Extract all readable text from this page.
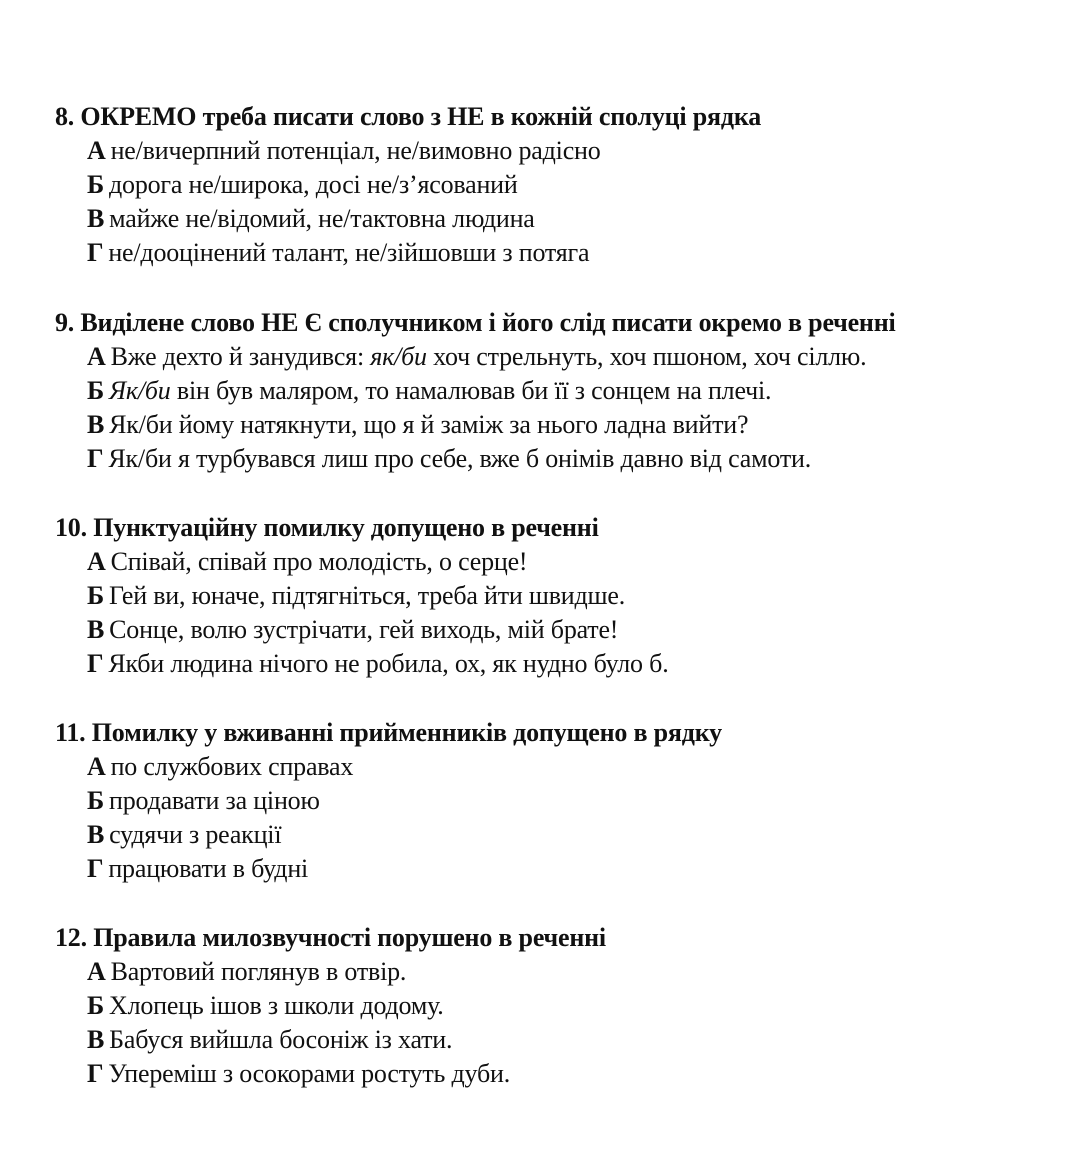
8. ОКРЕМО треба писати слово з НЕ в кожній сполуці рядка
А не/вичерпний потенціал, не/вимовно радісно
Б дорога не/широка, досі не/з’ясований
В майже не/відомий, не/тактовна людина
Г не/дооцінений талант, не/зійшовши з потяга
9. Виділене слово НЕ Є сполучником і його слід писати окремо в реченні
А Вже дехто й занудився: як/би хоч стрельнуть, хоч пшоном, хоч сіллю.
Б Як/би він був маляром, то намалював би її з сонцем на плечі.
В Як/би йому натякнути, що я й заміж за нього ладна вийти?
Г Як/би я турбувався лиш про себе, вже б онімів давно від самоти.
10. Пунктуаційну помилку допущено в реченні
А Співай, співай про молодість, о серце!
Б Гей ви, юначе, підтягніться, треба йти швидше.
В Сонце, волю зустрічати, гей виходь, мій брате!
Г Якби людина нічого не робила, ох, як нудно було б.
11. Помилку у вживанні прийменників допущено в рядку
А по службових справах
Б продавати за ціною
В судячи з реакції
Г працювати в будні
12. Правила милозвучності порушено в реченні
А Вартовий поглянув в отвір.
Б Хлопець ішов з школи додому.
В Бабуся вийшла босоніж із хати.
Г Упереміш з осокорами ростуть дуби.
